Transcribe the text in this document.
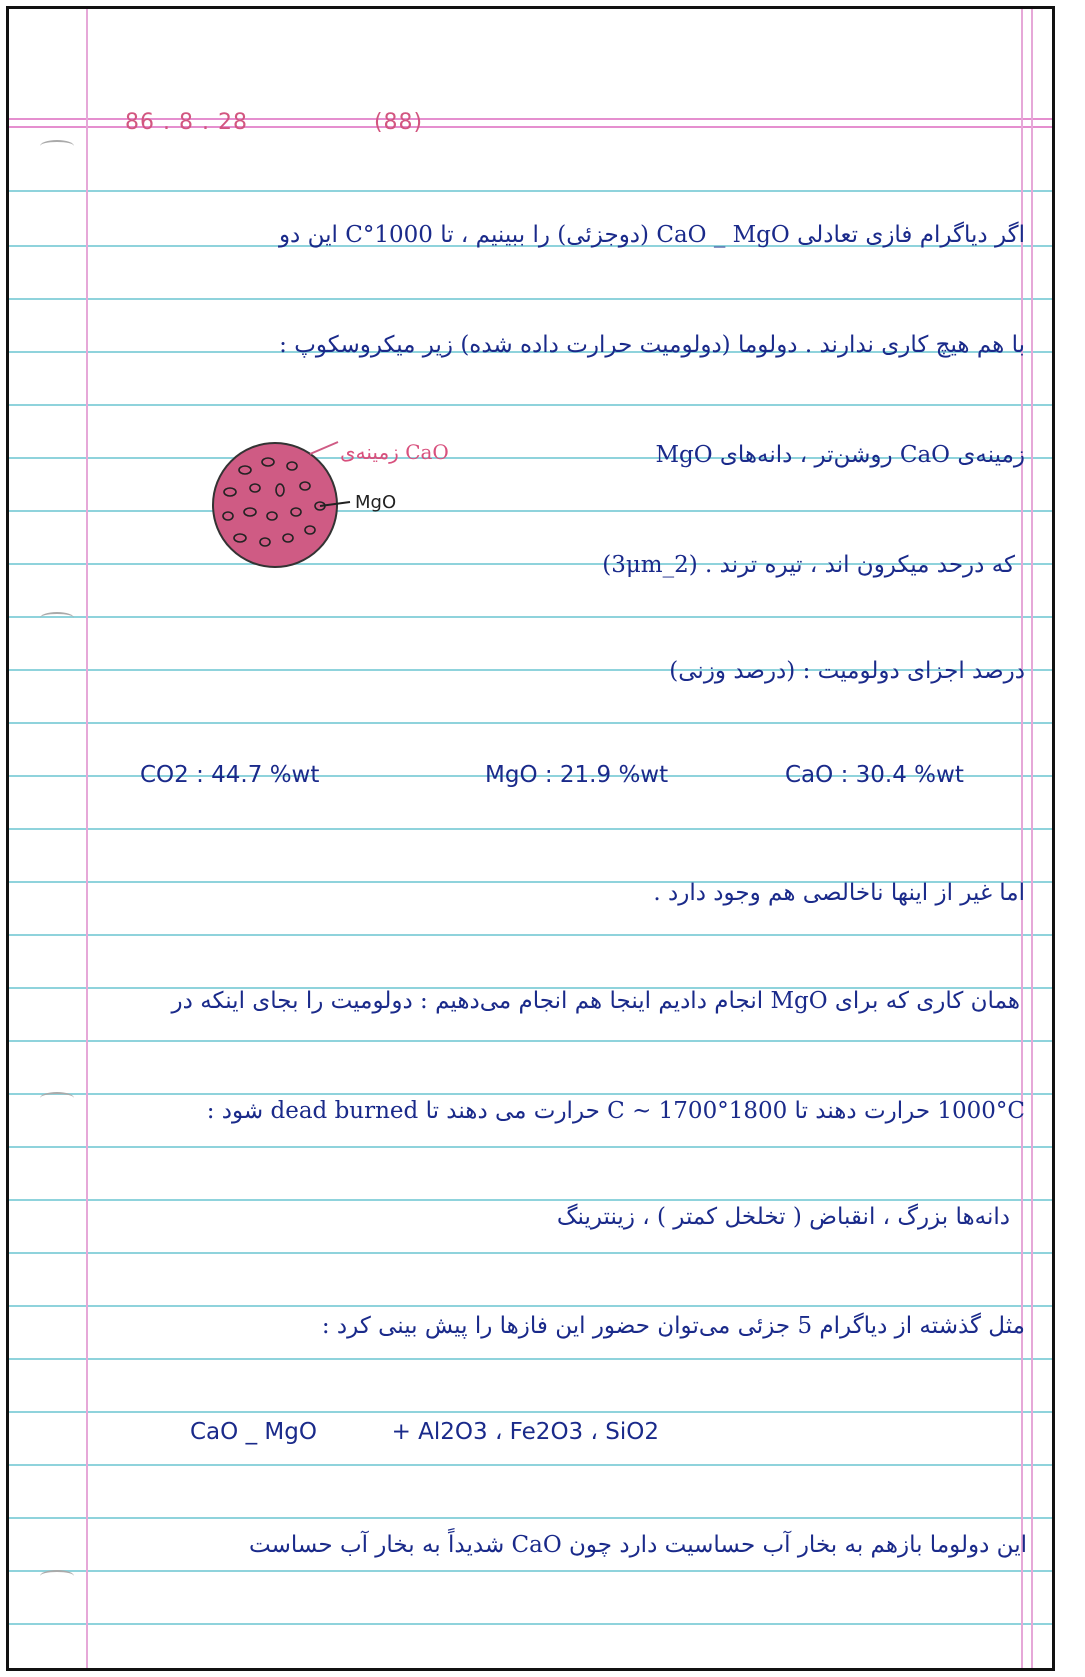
86 . 8 . 28	(88)
اگر دیاگرام فازی تعادلی CaO _ MgO (دوجزئی) را ببینیم ، تا 1000°C این دو
با هم هیچ کاری ندارند . دولوما (دولومیت حرارت داده شده) زیر میکروسکوپ :
زمینه‌ی CaO روشن‌تر ، دانه‌های MgO
که درحد میکرون اند ، تیره ترند . (2_3μm)
درصد اجزای دولومیت : (درصد وزنی)
CO2 : 44.7 %wt	MgO : 21.9 %wt	CaO : 30.4 %wt
اما غیر از اینها ناخالصی هم وجود دارد .
همان کاری که برای MgO انجام دادیم اینجا هم انجام می‌دهیم : دولومیت را بجای اینکه در
1000°C حرارت دهند تا 1800°C ~ 1700 حرارت می دهند تا dead burned شود :
دانه‌ها بزرگ ، انقباض ( تخلخل کمتر ) ، زینترینگ
مثل گذشته از دیاگرام 5 جزئی می‌توان حضور این فازها را پیش بینی کرد :
CaO _ MgO	+ Al2O3 ، Fe2O3 ، SiO2
این دولوما بازهم به بخار آب حساسیت دارد چون CaO شدیداً به بخار آب حساست
MgO
CaO زمینه‌ی
